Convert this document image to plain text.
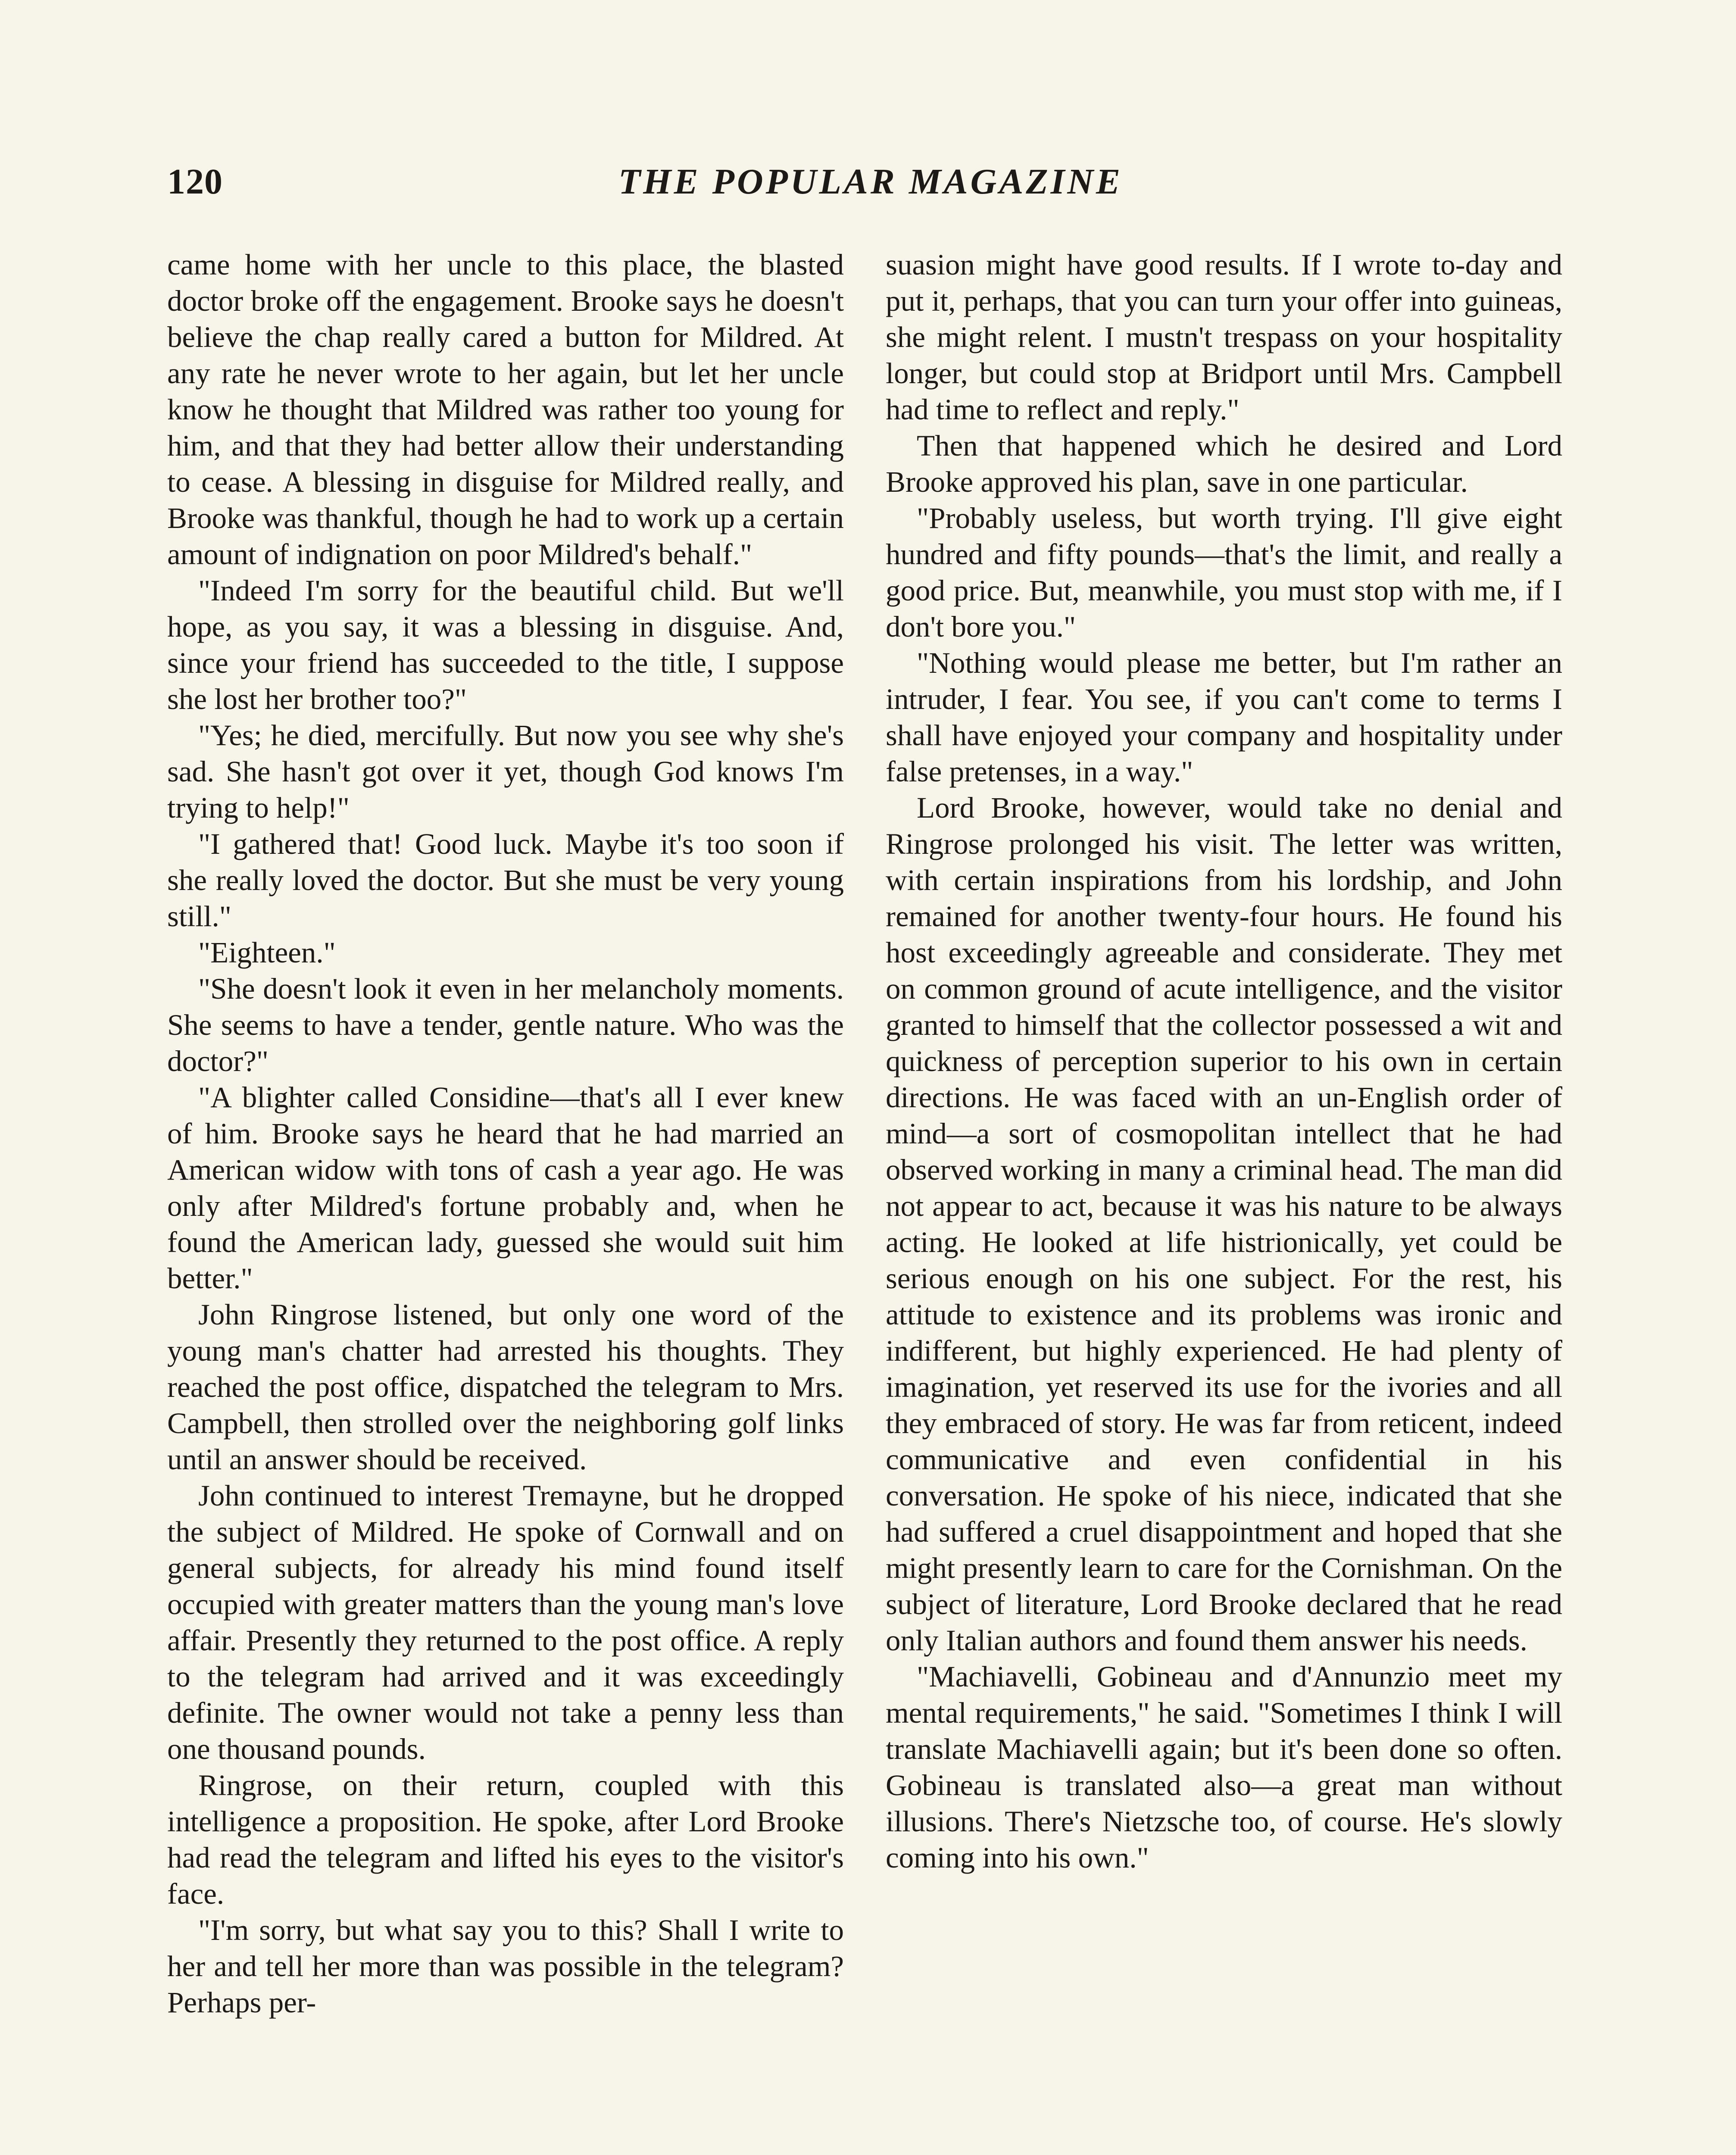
120	THE POPULAR MAGAZINE

came home with her uncle to this place, the blasted doctor broke off the engagement. Brooke says he doesn't believe the chap really cared a button for Mildred. At any rate he never wrote to her again, but let her uncle know he thought that Mildred was rather too young for him, and that they had better allow their understanding to cease. A blessing in disguise for Mildred really, and Brooke was thankful, though he had to work up a certain amount of indignation on poor Mildred's behalf."

"Indeed I'm sorry for the beautiful child. But we'll hope, as you say, it was a blessing in disguise. And, since your friend has succeeded to the title, I suppose she lost her brother too?"

"Yes; he died, mercifully. But now you see why she's sad. She hasn't got over it yet, though God knows I'm trying to help!"

"I gathered that! Good luck. Maybe it's too soon if she really loved the doctor. But she must be very young still."

"Eighteen."

"She doesn't look it even in her melancholy moments. She seems to have a tender, gentle nature. Who was the doctor?"

"A blighter called Considine—that's all I ever knew of him. Brooke says he heard that he had married an American widow with tons of cash a year ago. He was only after Mildred's fortune probably and, when he found the American lady, guessed she would suit him better."

John Ringrose listened, but only one word of the young man's chatter had arrested his thoughts. They reached the post office, dispatched the telegram to Mrs. Campbell, then strolled over the neighboring golf links until an answer should be received.

John continued to interest Tremayne, but he dropped the subject of Mildred. He spoke of Cornwall and on general subjects, for already his mind found itself occupied with greater matters than the young man's love affair. Presently they returned to the post office. A reply to the telegram had arrived and it was exceedingly definite. The owner would not take a penny less than one thousand pounds.

Ringrose, on their return, coupled with this intelligence a proposition. He spoke, after Lord Brooke had read the telegram and lifted his eyes to the visitor's face.

"I'm sorry, but what say you to this? Shall I write to her and tell her more than was possible in the telegram? Perhaps per-

suasion might have good results. If I wrote to-day and put it, perhaps, that you can turn your offer into guineas, she might relent. I mustn't trespass on your hospitality longer, but could stop at Bridport until Mrs. Campbell had time to reflect and reply."

Then that happened which he desired and Lord Brooke approved his plan, save in one particular.

"Probably useless, but worth trying. I'll give eight hundred and fifty pounds—that's the limit, and really a good price. But, meanwhile, you must stop with me, if I don't bore you."

"Nothing would please me better, but I'm rather an intruder, I fear. You see, if you can't come to terms I shall have enjoyed your company and hospitality under false pretenses, in a way."

Lord Brooke, however, would take no denial and Ringrose prolonged his visit. The letter was written, with certain inspirations from his lordship, and John remained for another twenty-four hours. He found his host exceedingly agreeable and considerate. They met on common ground of acute intelligence, and the visitor granted to himself that the collector possessed a wit and quickness of perception superior to his own in certain directions. He was faced with an un-English order of mind—a sort of cosmopolitan intellect that he had observed working in many a criminal head. The man did not appear to act, because it was his nature to be always acting. He looked at life histrionically, yet could be serious enough on his one subject. For the rest, his attitude to existence and its problems was ironic and indifferent, but highly experienced. He had plenty of imagination, yet reserved its use for the ivories and all they embraced of story. He was far from reticent, indeed communicative and even confidential in his conversation. He spoke of his niece, indicated that she had suffered a cruel disappointment and hoped that she might presently learn to care for the Cornishman. On the subject of literature, Lord Brooke declared that he read only Italian authors and found them answer his needs.

"Machiavelli, Gobineau and d'Annunzio meet my mental requirements," he said. "Sometimes I think I will translate Machiavelli again; but it's been done so often. Gobineau is translated also—a great man without illusions. There's Nietzsche too, of course. He's slowly coming into his own."
